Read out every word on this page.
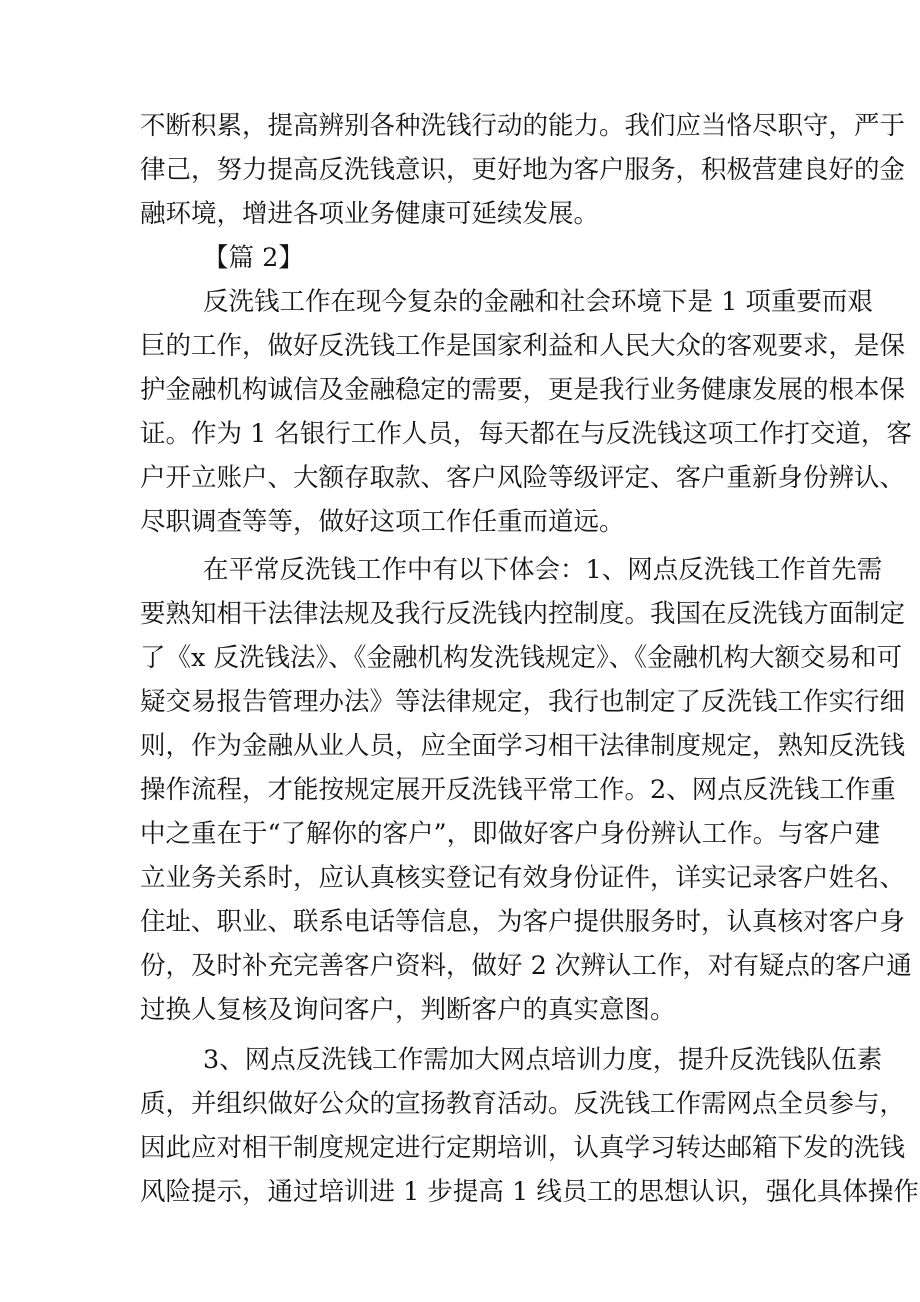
不断积累，提高辨别各种洗钱行动的能力。我们应当恪尽职守，严于
律己，努力提高反洗钱意识，更好地为客户服务，积极营建良好的金
融环境，增进各项业务健康可延续发展。
【篇 2】
反洗钱工作在现今复杂的金融和社会环境下是 1 项重要而艰
巨的工作，做好反洗钱工作是国家利益和人民大众的客观要求，是保
护金融机构诚信及金融稳定的需要，更是我行业务健康发展的根本保
证。作为 1 名银行工作人员，每天都在与反洗钱这项工作打交道，客
户开立账户、大额存取款、客户风险等级评定、客户重新身份辨认、
尽职调查等等，做好这项工作任重而道远。
在平常反洗钱工作中有以下体会：1、网点反洗钱工作首先需
要熟知相干法律法规及我行反洗钱内控制度。我国在反洗钱方面制定
了《x 反洗钱法》、《金融机构发洗钱规定》、《金融机构大额交易和可
疑交易报告管理办法》等法律规定，我行也制定了反洗钱工作实行细
则，作为金融从业人员，应全面学习相干法律制度规定，熟知反洗钱
操作流程，才能按规定展开反洗钱平常工作。2、网点反洗钱工作重
中之重在于“了解你的客户”，即做好客户身份辨认工作。与客户建
立业务关系时，应认真核实登记有效身份证件，详实记录客户姓名、
住址、职业、联系电话等信息，为客户提供服务时，认真核对客户身
份，及时补充完善客户资料，做好 2 次辨认工作，对有疑点的客户通
过换人复核及询问客户，判断客户的真实意图。
3、网点反洗钱工作需加大网点培训力度，提升反洗钱队伍素
质，并组织做好公众的宣扬教育活动。反洗钱工作需网点全员参与，
因此应对相干制度规定进行定期培训，认真学习转达邮箱下发的洗钱
风险提示，通过培训进 1 步提高 1 线员工的思想认识，强化具体操作
